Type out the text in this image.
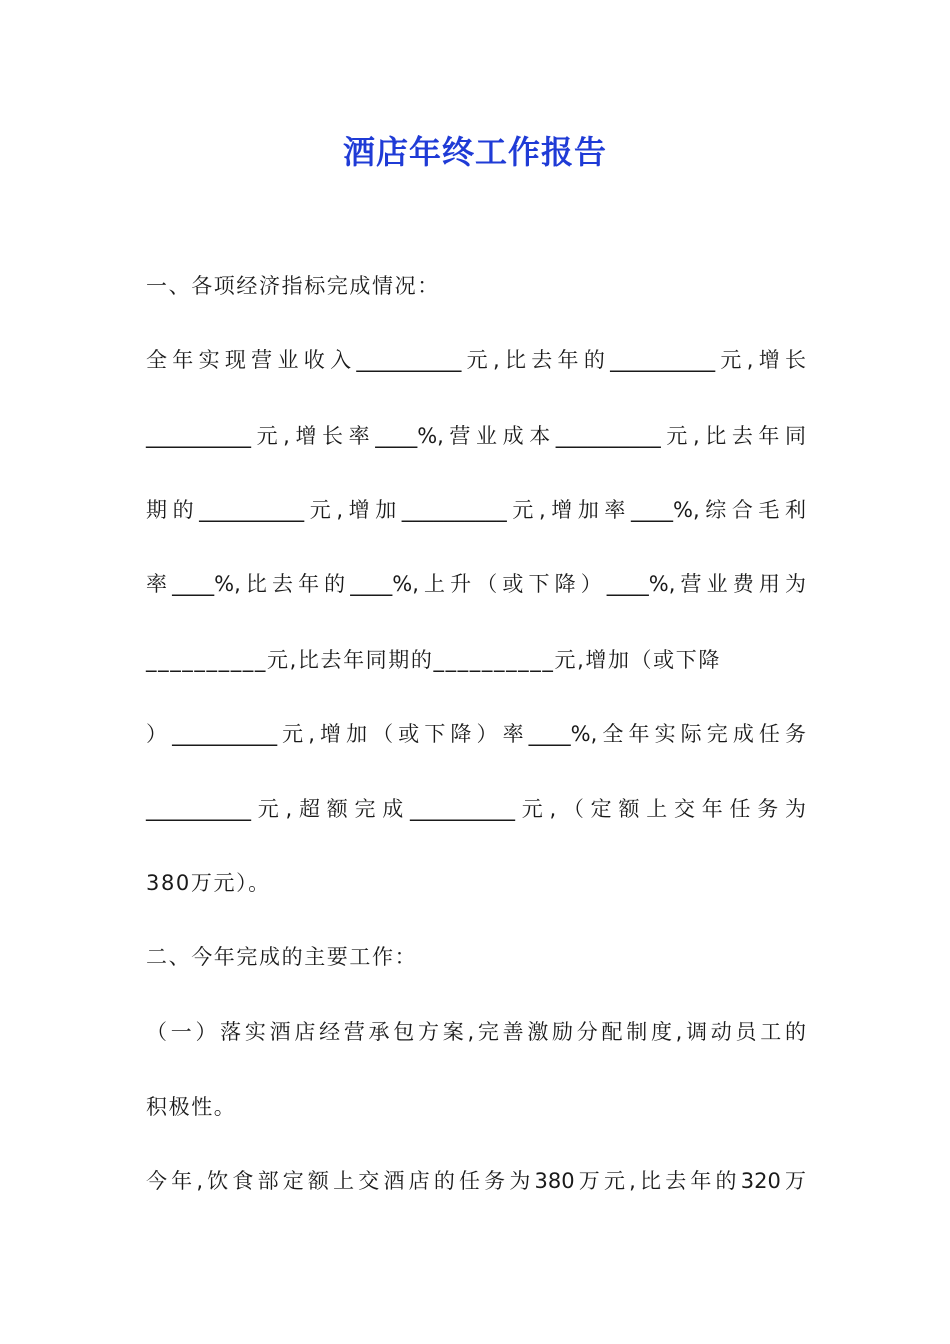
酒店年终工作报告

一、各项经济指标完成情况：

全年实现营业收入__________元,比去年的__________元,增长

__________元,增长率____%,营业成本__________元,比去年同

期的__________元,增加__________元,增加率____%,综合毛利

率____%,比去年的____%,上升（或下降）____%,营业费用为

__________元,比去年同期的__________元,增加（或下降

）__________元,增加（或下降）率____%,全年实际完成任务

__________元,超额完成__________元,（定额上交年任务为

380万元）。

二、今年完成的主要工作：

（一）落实酒店经营承包方案,完善激励分配制度,调动员工的

积极性。

今年,饮食部定额上交酒店的任务为380万元,比去年的320万
